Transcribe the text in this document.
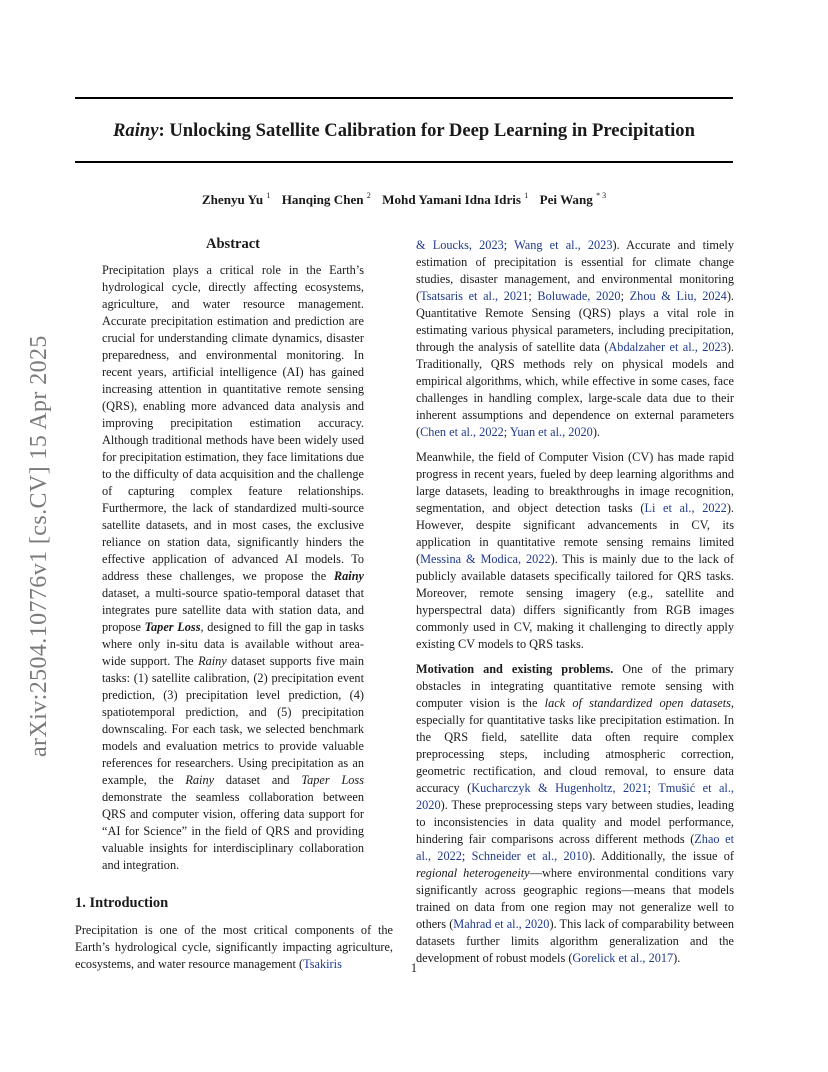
Rainy: Unlocking Satellite Calibration for Deep Learning in Precipitation
Zhenyu Yu $^1$ Hanqing Chen $^2$ Mohd Yamani Idna Idris $^1$ Pei Wang $^{* 3}$
arXiv:2504.10776v1 [cs.CV] 15 Apr 2025
Abstract
Precipitation plays a critical role in the Earth’s hydrological cycle, directly affecting ecosystems, agriculture, and water resource management. Accurate precipitation estimation and prediction are crucial for understanding climate dynamics, disaster preparedness, and environmental monitoring. In recent years, artificial intelligence (AI) has gained increasing attention in quantitative remote sensing (QRS), enabling more advanced data analysis and improving precipitation estimation accuracy. Although traditional methods have been widely used for precipitation estimation, they face limitations due to the difficulty of data acquisition and the challenge of capturing complex feature relationships. Furthermore, the lack of standardized multi-source satellite datasets, and in most cases, the exclusive reliance on station data, significantly hinders the effective application of advanced AI models. To address these challenges, we propose the Rainy dataset, a multi-source spatio-temporal dataset that integrates pure satellite data with station data, and propose Taper Loss, designed to fill the gap in tasks where only in-situ data is available without area-wide support. The Rainy dataset supports five main tasks: (1) satellite calibration, (2) precipitation event prediction, (3) precipitation level prediction, (4) spatiotemporal prediction, and (5) precipitation downscaling. For each task, we selected benchmark models and evaluation metrics to provide valuable references for researchers. Using precipitation as an example, the Rainy dataset and Taper Loss demonstrate the seamless collaboration between QRS and computer vision, offering data support for “AI for Science” in the field of QRS and providing valuable insights for interdisciplinary collaboration and integration.
1. Introduction
Precipitation is one of the most critical components of the Earth’s hydrological cycle, significantly impacting agriculture, ecosystems, and water resource management (Tsakiris

& Loucks, 2023; Wang et al., 2023). Accurate and timely estimation of precipitation is essential for climate change studies, disaster management, and environmental monitoring (Tsatsaris et al., 2021; Boluwade, 2020; Zhou & Liu, 2024). Quantitative Remote Sensing (QRS) plays a vital role in estimating various physical parameters, including precipitation, through the analysis of satellite data (Abdalzaher et al., 2023). Traditionally, QRS methods rely on physical models and empirical algorithms, which, while effective in some cases, face challenges in handling complex, large-scale data due to their inherent assumptions and dependence on external parameters (Chen et al., 2022; Yuan et al., 2020).

Meanwhile, the field of Computer Vision (CV) has made rapid progress in recent years, fueled by deep learning algorithms and large datasets, leading to breakthroughs in image recognition, segmentation, and object detection tasks (Li et al., 2022). However, despite significant advancements in CV, its application in quantitative remote sensing remains limited (Messina & Modica, 2022). This is mainly due to the lack of publicly available datasets specifically tailored for QRS tasks. Moreover, remote sensing imagery (e.g., satellite and hyperspectral data) differs significantly from RGB images commonly used in CV, making it challenging to directly apply existing CV models to QRS tasks.

Motivation and existing problems. One of the primary obstacles in integrating quantitative remote sensing with computer vision is the lack of standardized open datasets, especially for quantitative tasks like precipitation estimation. In the QRS field, satellite data often require complex preprocessing steps, including atmospheric correction, geometric rectification, and cloud removal, to ensure data accuracy (Kucharczyk & Hugenholtz, 2021; Tmušić et al., 2020). These preprocessing steps vary between studies, leading to inconsistencies in data quality and model performance, hindering fair comparisons across different methods (Zhao et al., 2022; Schneider et al., 2010). Additionally, the issue of regional heterogeneity—where environmental conditions vary significantly across geographic regions—means that models trained on data from one region may not generalize well to others (Mahrad et al., 2020). This lack of comparability between datasets further limits algorithm generalization and the development of robust models (Gorelick et al., 2017).

1
